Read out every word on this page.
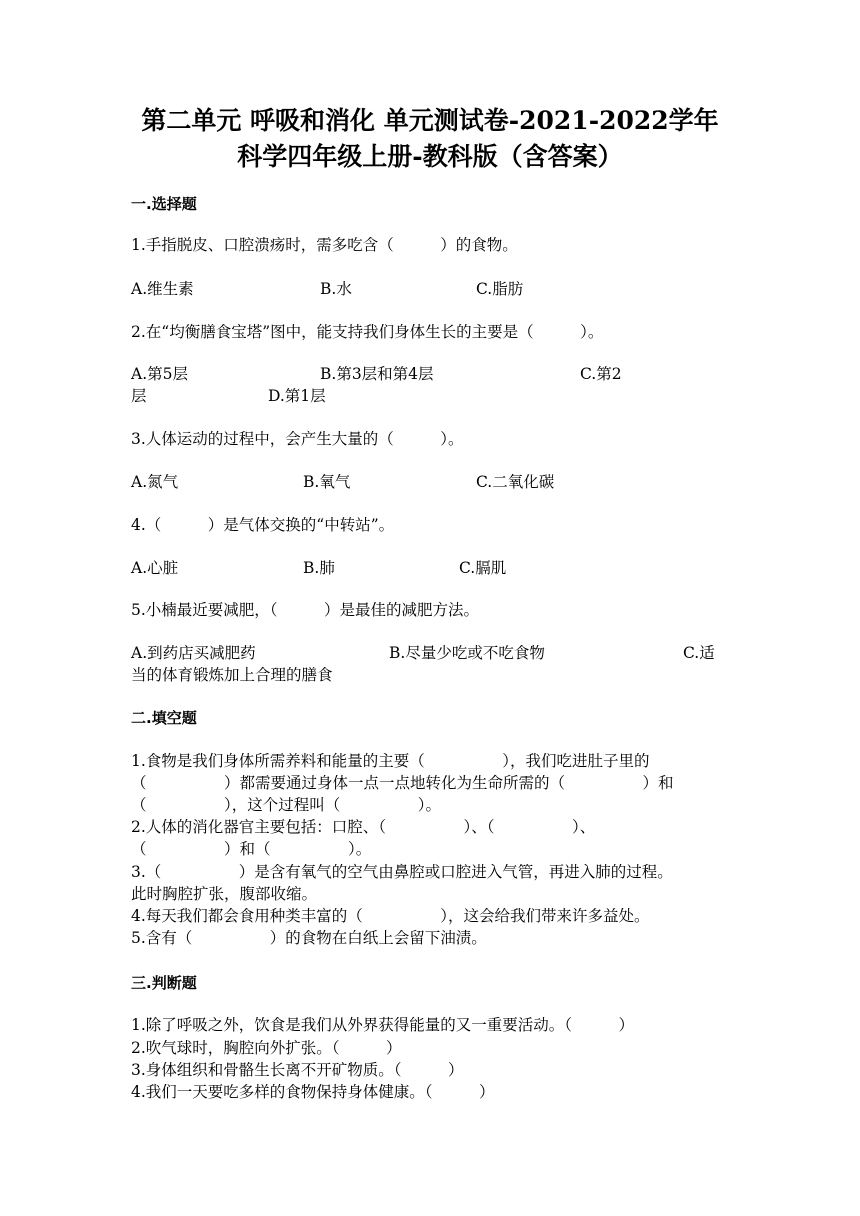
第二单元 呼吸和消化 单元测试卷-2021-2022学年
科学四年级上册-教科版（含答案）
一.选择题
1.手指脱皮、口腔溃疡时，需多吃含（　　　）的食物。
A.维生素	B.水	C.脂肪
2.在“均衡膳食宝塔”图中，能支持我们身体生长的主要是（　　　）。
A.第5层	B.第3层和第4层	C.第2
层	D.第1层
3.人体运动的过程中，会产生大量的（　　　）。
A.氮气	B.氧气	C.二氧化碳
4.（　　　）是气体交换的“中转站”。
A.心脏	B.肺	C.膈肌
5.小楠最近要减肥，（　　　）是最佳的减肥方法。
A.到药店买减肥药	B.尽量少吃或不吃食物	C.适
当的体育锻炼加上合理的膳食
二.填空题
1.食物是我们身体所需养料和能量的主要（　　　　　），我们吃进肚子里的
（　　　　　）都需要通过身体一点一点地转化为生命所需的（　　　　　）和
（　　　　　），这个过程叫（　　　　　）。
2.人体的消化器官主要包括：口腔、（　　　　　）、（　　　　　）、
（　　　　　）和（　　　　　）。
3.（　　　　　）是含有氧气的空气由鼻腔或口腔进入气管，再进入肺的过程。
此时胸腔扩张，腹部收缩。
4.每天我们都会食用种类丰富的（　　　　　），这会给我们带来许多益处。
5.含有（　　　　　）的食物在白纸上会留下油渍。
三.判断题
1.除了呼吸之外，饮食是我们从外界获得能量的又一重要活动。（　　　）
2.吹气球时，胸腔向外扩张。（　　　）
3.身体组织和骨骼生长离不开矿物质。（　　　）
4.我们一天要吃多样的食物保持身体健康。（　　　）
